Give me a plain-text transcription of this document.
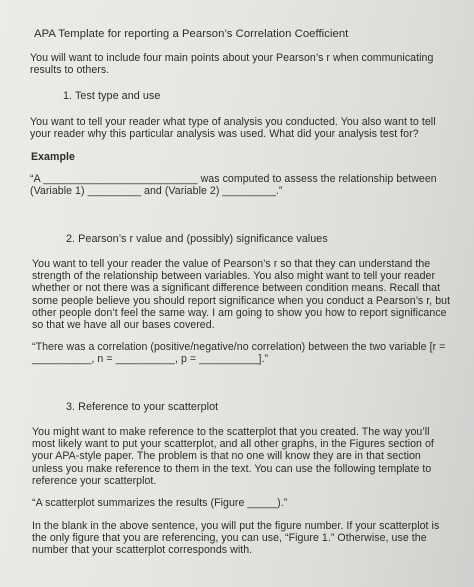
APA Template for reporting a Pearson’s Correlation Coefficient
You will want to include four main points about your Pearson’s r when communicating
results to others.
1. Test type and use
You want to tell your reader what type of analysis you conducted. You also want to tell
your reader why this particular analysis was used. What did your analysis test for?
Example
“A __________________________ was computed to assess the relationship between
(Variable 1) _________ and (Variable 2) _________.”
2. Pearson’s r value and (possibly) significance values
You want to tell your reader the value of Pearson’s r so that they can understand the
strength of the relationship between variables. You also might want to tell your reader
whether or not there was a significant difference between condition means. Recall that
some people believe you should report significance when you conduct a Pearson’s r, but
other people don’t feel the same way. I am going to show you how to report significance
so that we have all our bases covered.
“There was a correlation (positive/negative/no correlation) between the two variable [r =
__________, n = __________, p = __________].”
3. Reference to your scatterplot
You might want to make reference to the scatterplot that you created. The way you’ll
most likely want to put your scatterplot, and all other graphs, in the Figures section of
your APA-style paper. The problem is that no one will know they are in that section
unless you make reference to them in the text. You can use the following template to
reference your scatterplot.
“A scatterplot summarizes the results (Figure _____).”
In the blank in the above sentence, you will put the figure number. If your scatterplot is
the only figure that you are referencing, you can use, “Figure 1.” Otherwise, use the
number that your scatterplot corresponds with.
